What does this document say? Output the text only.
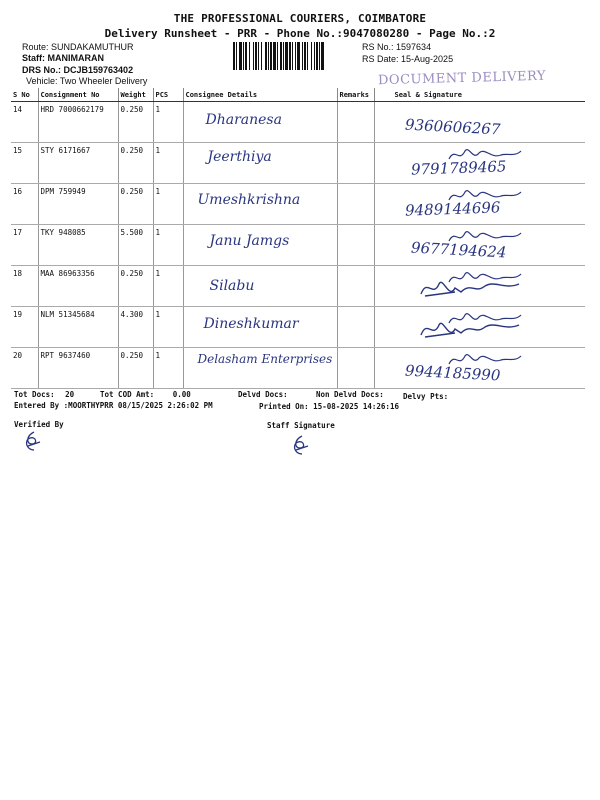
THE PROFESSIONAL COURIERS, COIMBATORE
Delivery Runsheet - PRR - Phone No.:9047080280 - Page No.:2
Route: SUNDAKAMUTHUR
Staff: MANIMARAN
DRS No.: DCJB159763402
Vehicle: Two Wheeler Delivery
RS No.: 1597634
RS Date: 15-Aug-2025
DOCUMENT DELIVERY
S No	Consignment No	Weight	PCS	Consignee Details	Remarks	Seal & Signature
14	HRD 7000662179	0.250	1	Dharanesa		9360606267

15	STY 6171667	0.250	1	Jeerthiya		9791789465

16	DPM 759949	0.250	1	Umeshkrishna		9489144696

17	TKY 948085	5.500	1	Janu Jamgs		9677194624

18	MAA 86963356	0.250	1	Silabu

19	NLM 51345684	4.300	1	Dineshkumar

20	RPT 9637460	0.250	1	Delasham Enterprises		9944185990
Tot Docs: 20	Tot COD Amt: 0.00	Delvd Docs:	Non Delvd Docs:	Delvy Pts:
Entered By :MOORTHYPRR 08/15/2025 2:26:02 PM	Printed On: 15-08-2025 14:26:16
Verified By	Staff Signature
